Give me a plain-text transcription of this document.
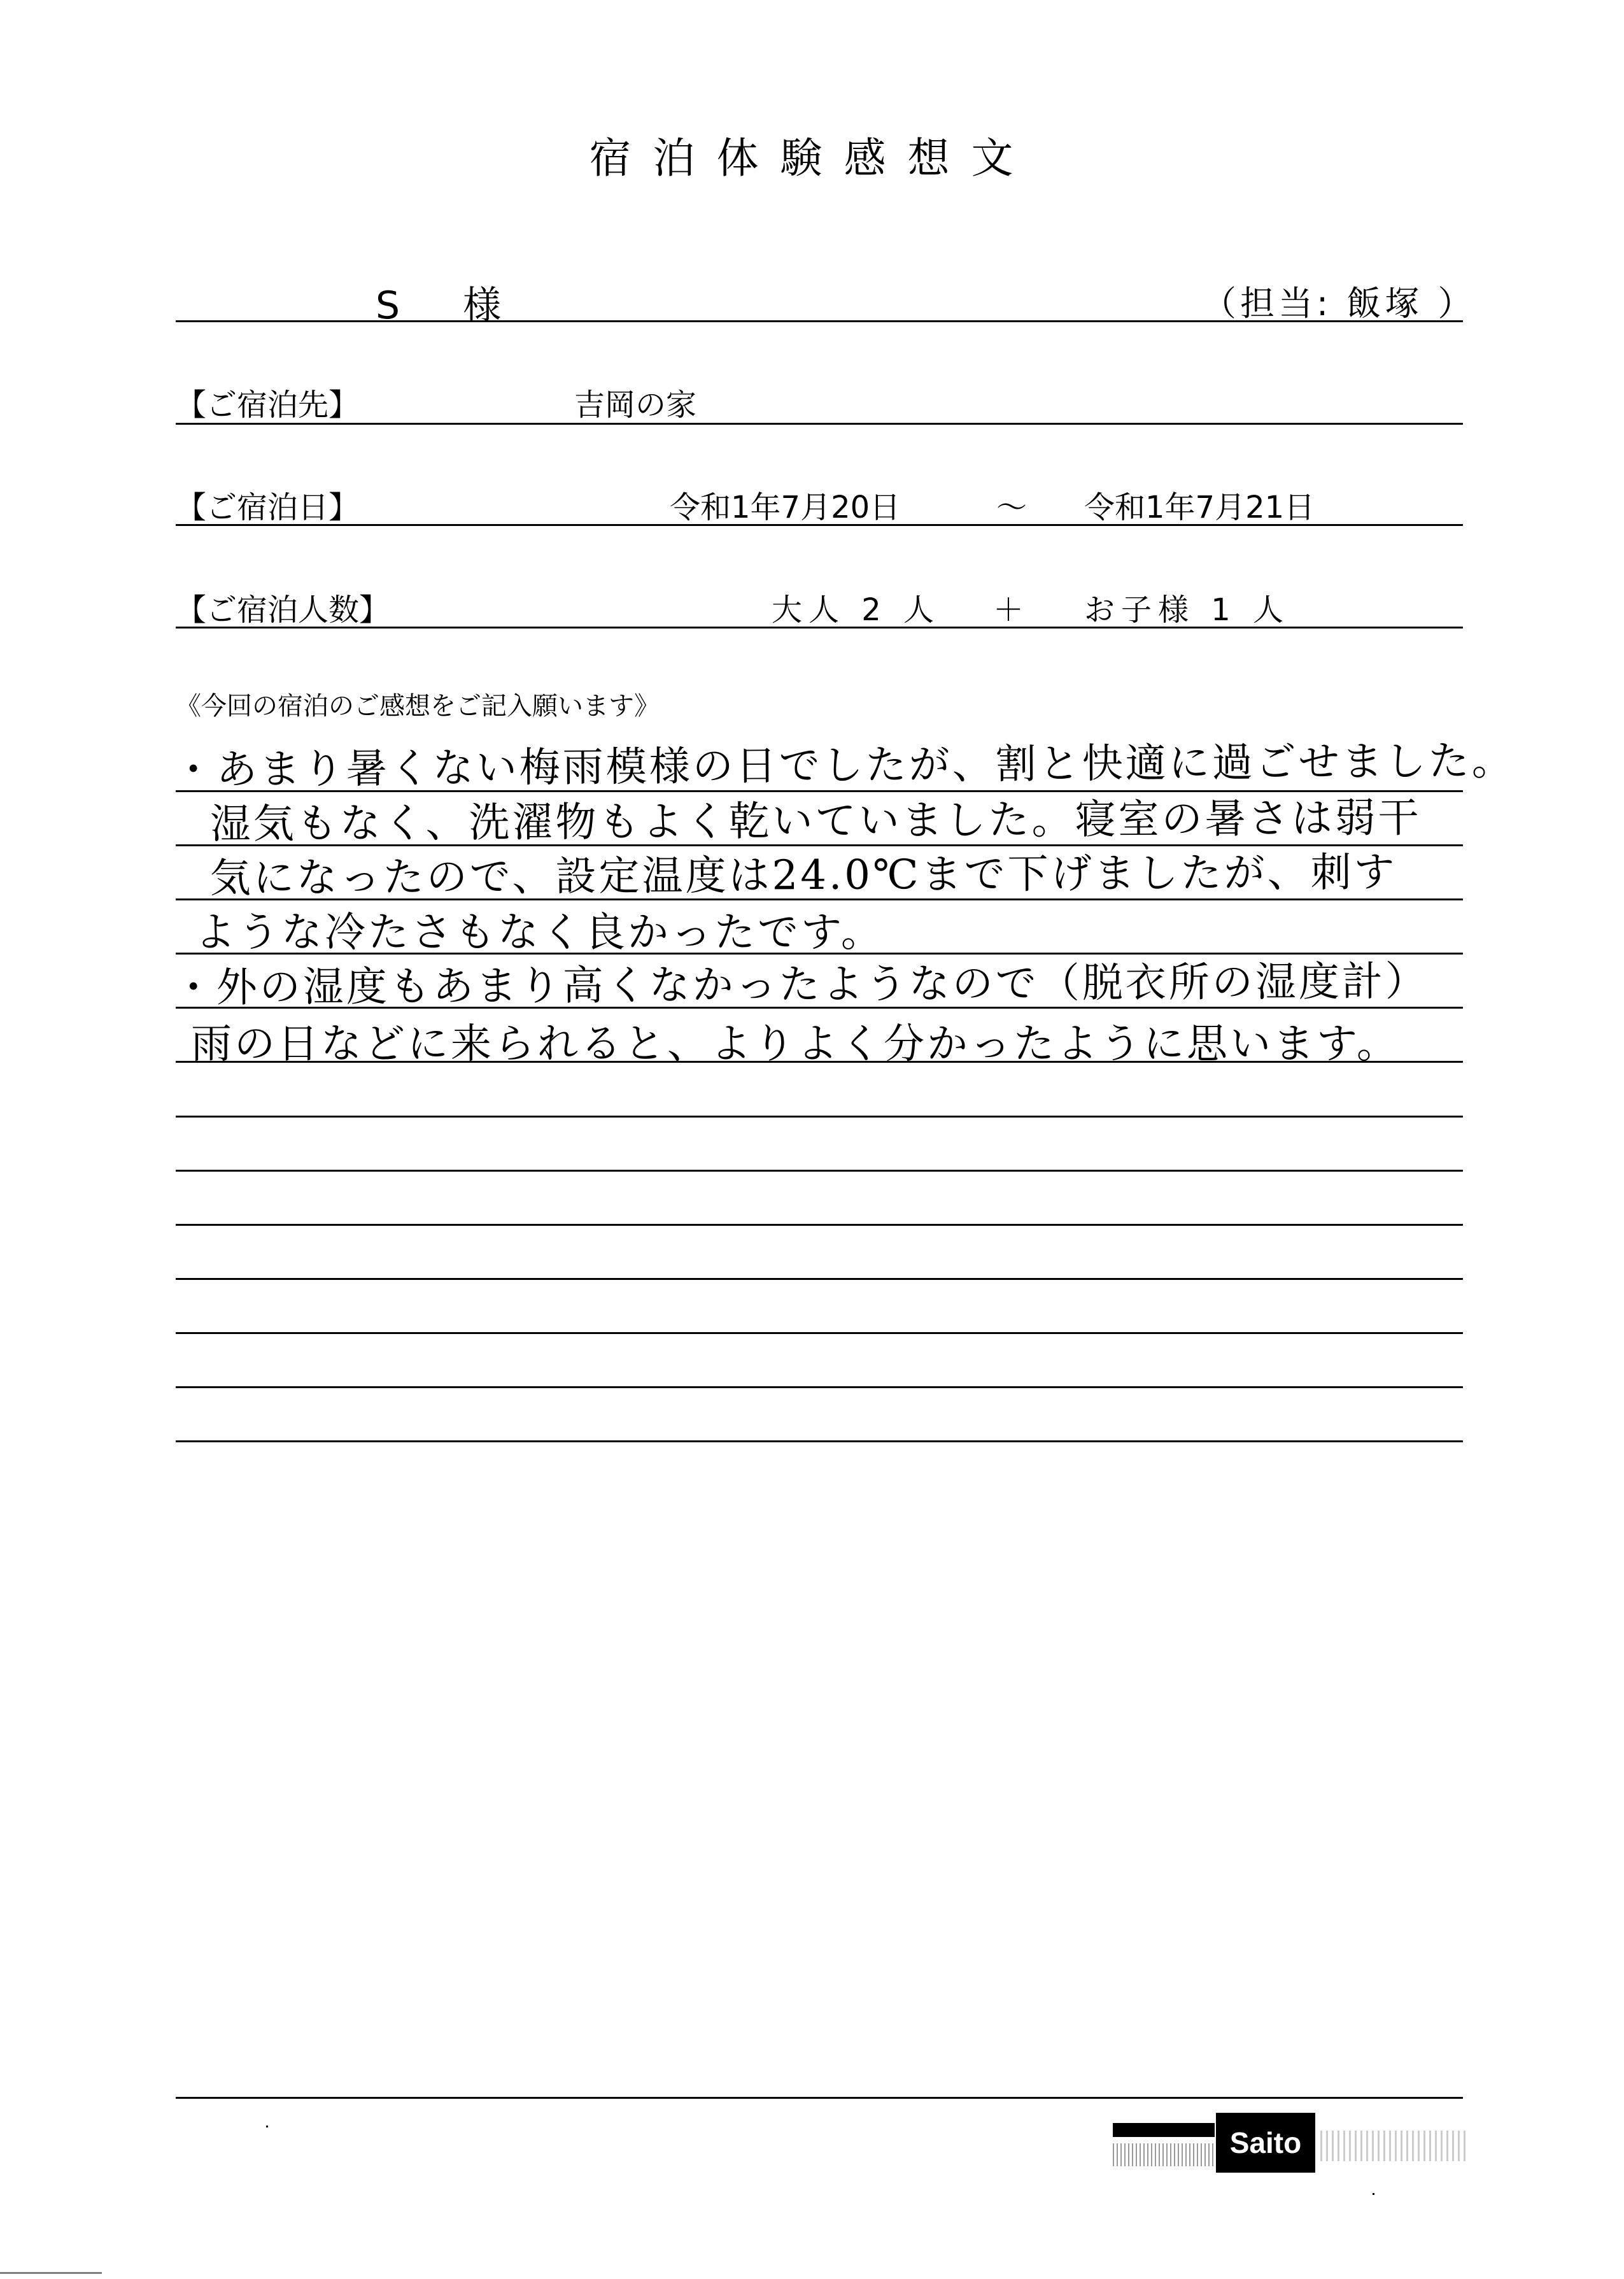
宿泊体験感想文
S 様	（担当: 飯塚 ）
【ご宿泊先】	吉岡の家
【ご宿泊日】	令和1年7月20日	～ 令和1年7月21日
【ご宿泊人数】	大人 2 人 ＋ お子様 1 人
《今回の宿泊のご感想をご記入願います》
・あまり暑くない梅雨模様の日でしたが、割と快適に過ごせました。
湿気もなく、洗濯物もよく乾いていました。寝室の暑さは弱干
気になったので、設定温度は24.0℃まで下げましたが、刺す
ような冷たさもなく良かったです。
・外の湿度もあまり高くなかったようなので（脱衣所の湿度計）
雨の日などに来られると、よりよく分かったように思います。
Saito
